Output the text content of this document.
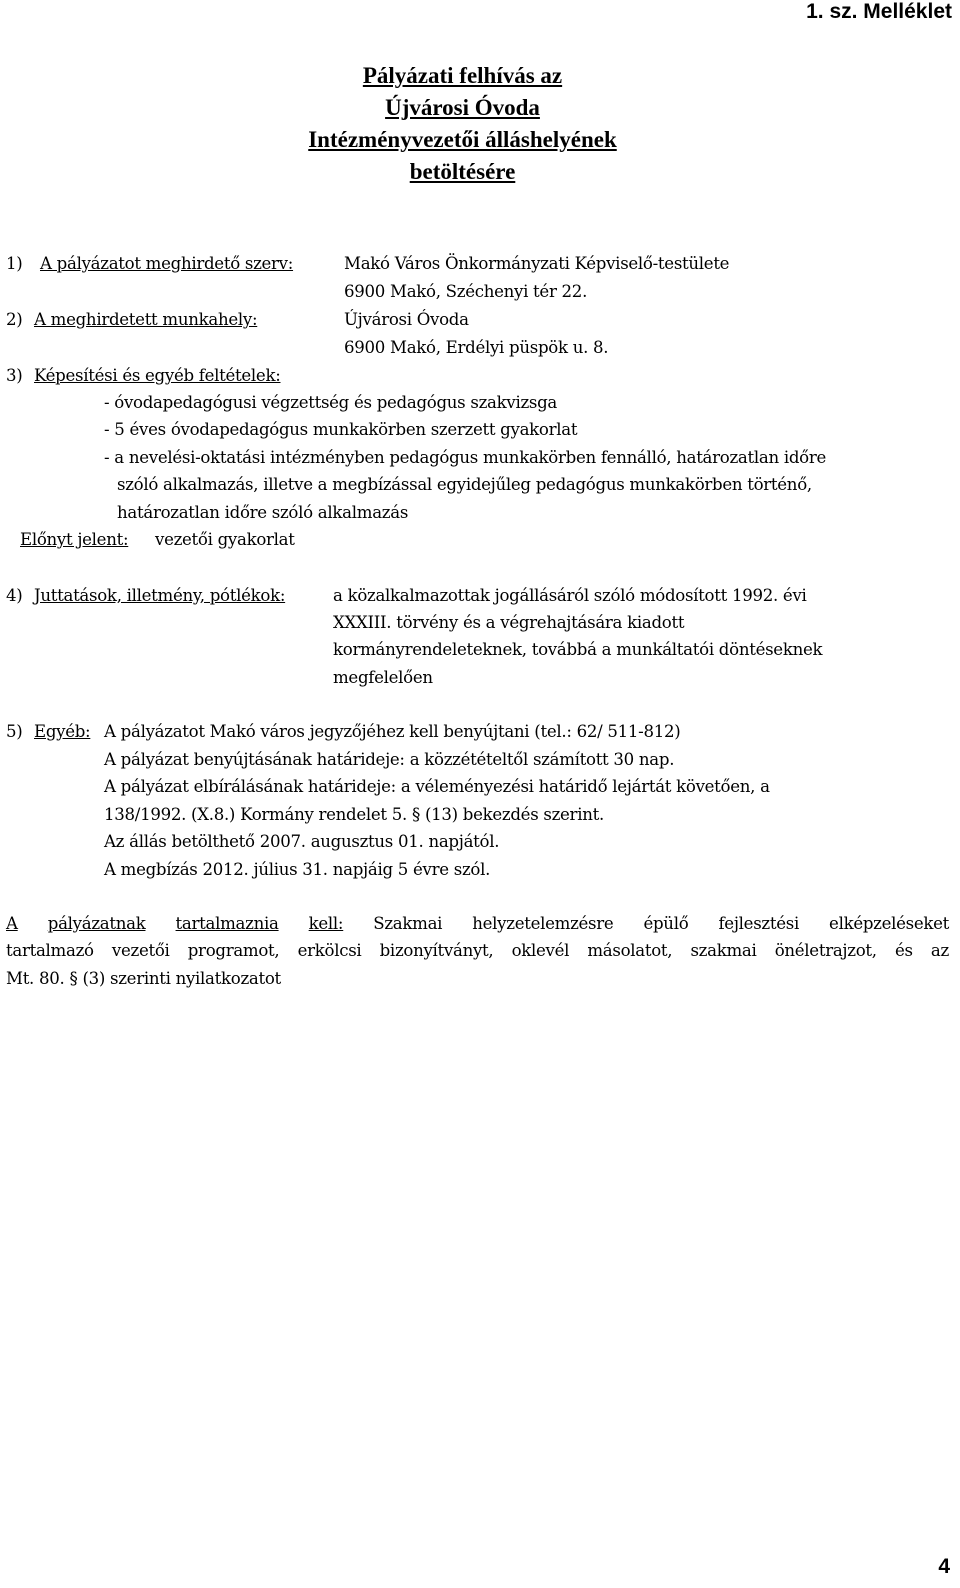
1. sz. Melléklet
Pályázati felhívás az
Újvárosi Óvoda
Intézményvezetői álláshelyének
betöltésére
1) A pályázatot meghirdető szerv:	Makó Város Önkormányzati Képviselő-testülete
6900 Makó, Széchenyi tér 22.
2) A meghirdetett munkahely:	Újvárosi Óvoda
6900 Makó, Erdélyi püspök u. 8.
3) Képesítési és egyéb feltételek:
- óvodapedagógusi végzettség és pedagógus szakvizsga
- 5 éves óvodapedagógus munkakörben szerzett gyakorlat
- a nevelési-oktatási intézményben pedagógus munkakörben fennálló, határozatlan időre
szóló alkalmazás, illetve a megbízással egyidejűleg pedagógus munkakörben történő,
határozatlan időre szóló alkalmazás
Előnyt jelent: vezetői gyakorlat
4) Juttatások, illetmény, pótlékok:	a közalkalmazottak jogállásáról szóló módosított 1992. évi
XXXIII. törvény és a végrehajtására kiadott
kormányrendeleteknek, továbbá a munkáltatói döntéseknek
megfelelően
5) Egyéb: A pályázatot Makó város jegyzőjéhez kell benyújtani (tel.: 62/ 511-812)
A pályázat benyújtásának határideje: a közzétételtől számított 30 nap.
A pályázat elbírálásának határideje: a véleményezési határidő lejártát követően, a
138/1992. (X.8.) Kormány rendelet 5. § (13) bekezdés szerint.
Az állás betölthető 2007. augusztus 01. napjától.
A megbízás 2012. július 31. napjáig 5 évre szól.
A pályázatnak tartalmaznia kell: Szakmai helyzetelemzésre épülő fejlesztési elképzeléseket
tartalmazó vezetői programot, erkölcsi bizonyítványt, oklevél másolatot, szakmai önéletrajzot, és az
Mt. 80. § (3) szerinti nyilatkozatot
4
